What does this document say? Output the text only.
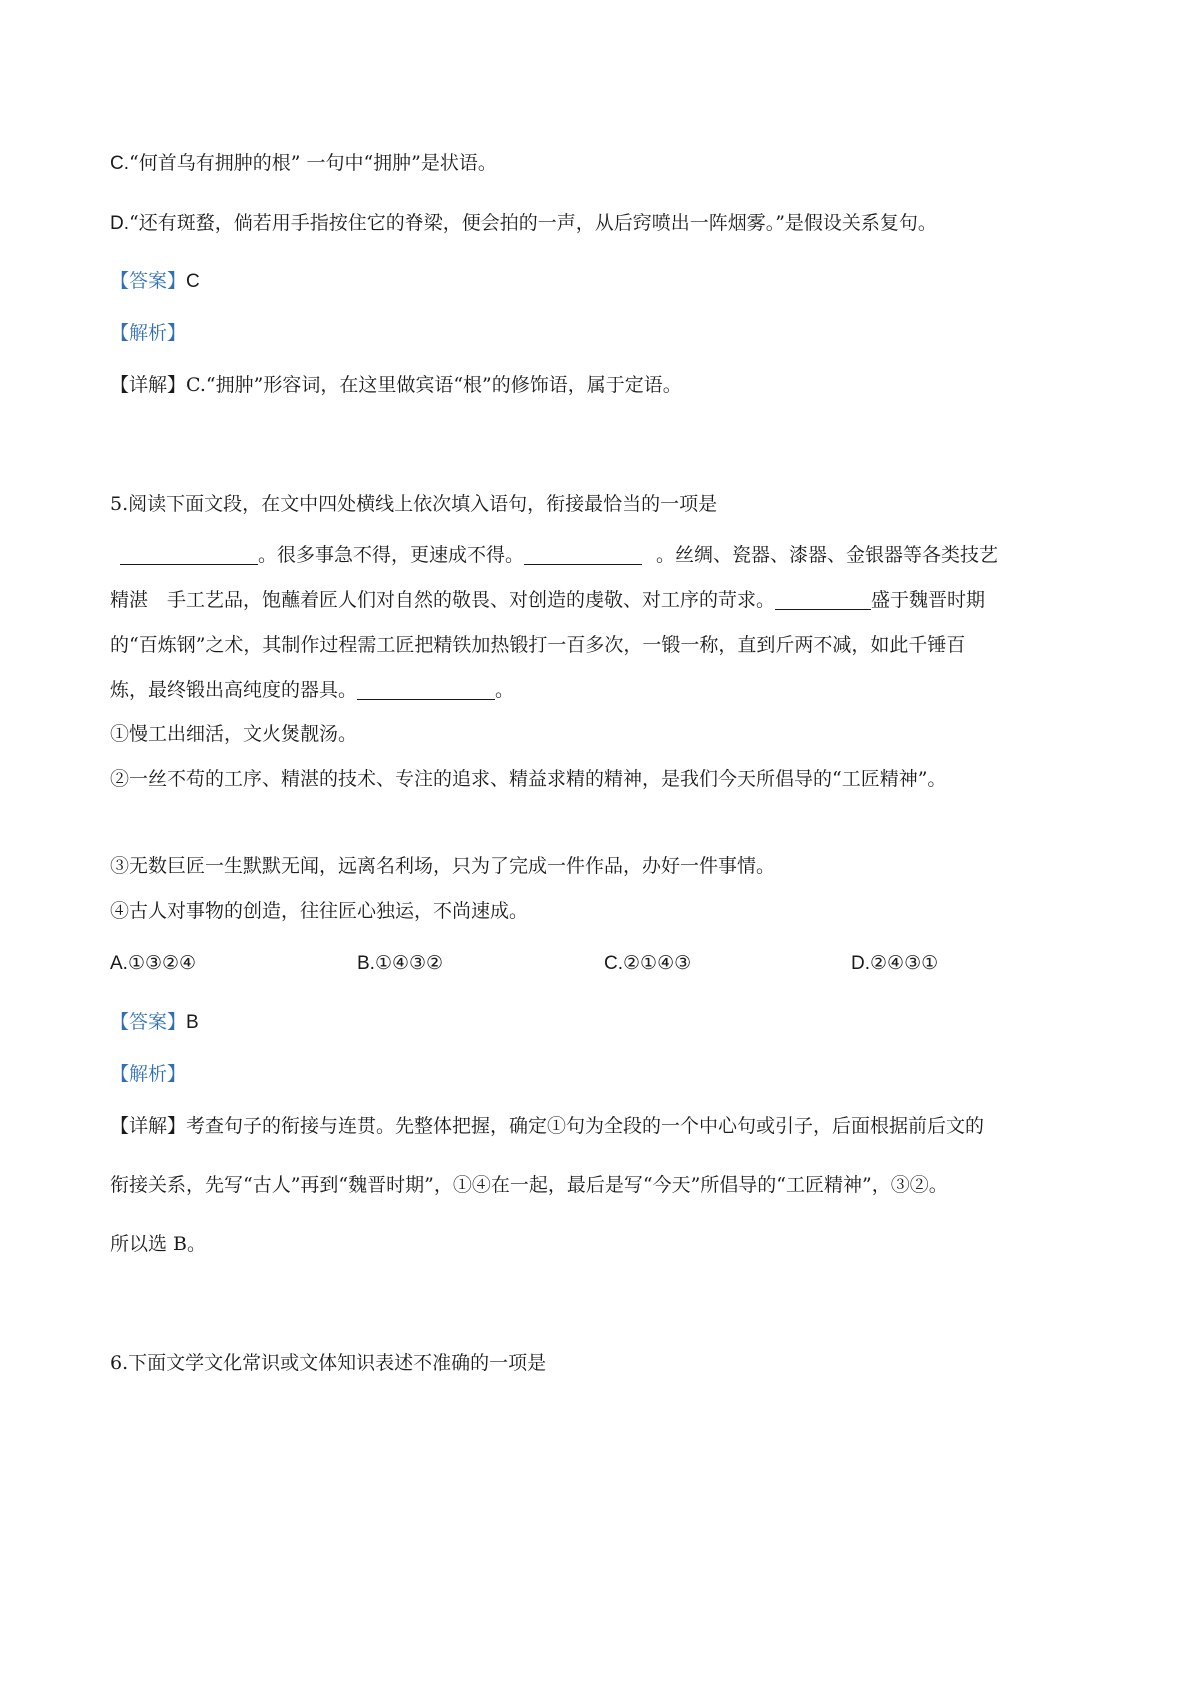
C.“何首乌有拥肿的根” 一句中“拥肿”是状语。
D.“还有斑蝥，倘若用手指按住它的脊梁，便会拍的一声，从后窍喷出一阵烟雾。”是假设关系复句。
【答案】C
【解析】
【详解】C.“拥肿”形容词，在这里做宾语“根”的修饰语，属于定语。
5.阅读下面文段，在文中四处横线上依次填入语句，衔接最恰当的一项是
。很多事急不得，更速成不得。	。丝绸、瓷器、漆器、金银器等各类技艺
精湛　手工艺品，饱蘸着匠人们对自然的敬畏、对创造的虔敬、对工序的苛求。	盛于魏晋时期
的“百炼钢”之术，其制作过程需工匠把精铁加热锻打一百多次，一锻一称，直到斤两不减，如此千锤百
炼，最终锻出高纯度的器具。	。
①慢工出细活，文火煲靓汤。
②一丝不苟的工序、精湛的技术、专注的追求、精益求精的精神，是我们今天所倡导的“工匠精神”。
③无数巨匠一生默默无闻，远离名利场，只为了完成一件作品，办好一件事情。
④古人对事物的创造，往往匠心独运，不尚速成。
A.①③②④	B.①④③②	C.②①④③	D.②④③①
【答案】B
【解析】
【详解】考查句子的衔接与连贯。先整体把握，确定①句为全段的一个中心句或引子，后面根据前后文的
衔接关系，先写“古人”再到“魏晋时期”，①④在一起，最后是写“今天”所倡导的“工匠精神”，③②。
所以选 B。
6.下面文学文化常识或文体知识表述不准确的一项是
